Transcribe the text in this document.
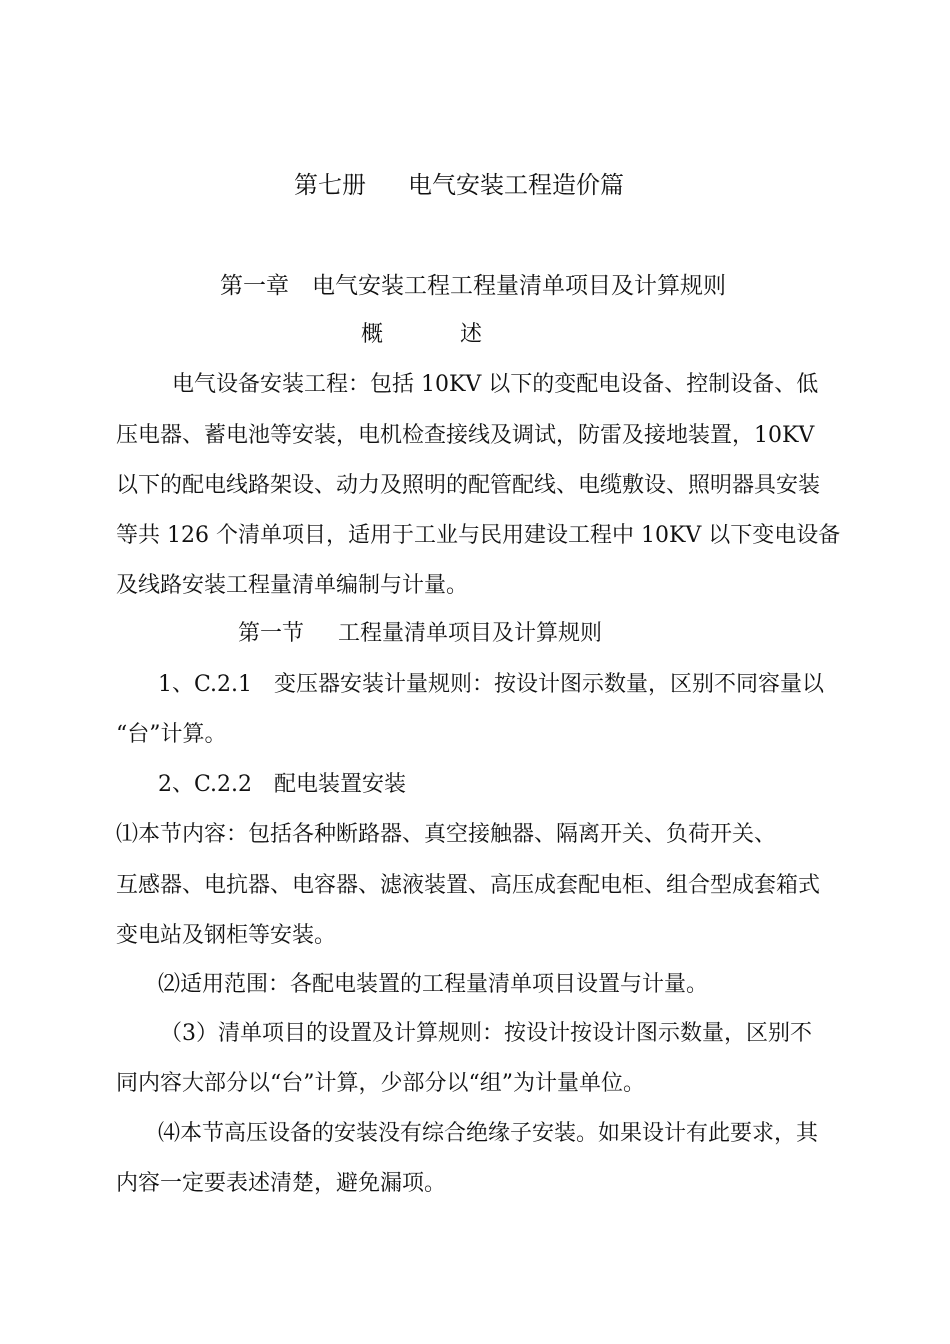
第七册 电气安装工程造价篇
第一章 电气安装工程工程量清单项目及计算规则
概	述
电气设备安装工程：包括 10KV 以下的变配电设备、控制设备、低
压电器、蓄电池等安装，电机检查接线及调试，防雷及接地装置，10KV
以下的配电线路架设、动力及照明的配管配线、电缆敷设、照明器具安装
等共 126 个清单项目，适用于工业与民用建设工程中 10KV 以下变电设备
及线路安装工程量清单编制与计量。
第一节 工程量清单项目及计算规则
1、C.2.1　变压器安装计量规则：按设计图示数量，区别不同容量以
“台”计算。
2、C.2.2　配电装置安装
⑴本节内容：包括各种断路器、真空接触器、隔离开关、负荷开关、
互感器、电抗器、电容器、滤液装置、高压成套配电柜、组合型成套箱式
变电站及钢柜等安装。
⑵适用范围：各配电装置的工程量清单项目设置与计量。
（3）清单项目的设置及计算规则：按设计按设计图示数量，区别不
同内容大部分以“台”计算，少部分以“组”为计量单位。
⑷本节高压设备的安装没有综合绝缘子安装。如果设计有此要求，其
内容一定要表述清楚，避免漏项。
